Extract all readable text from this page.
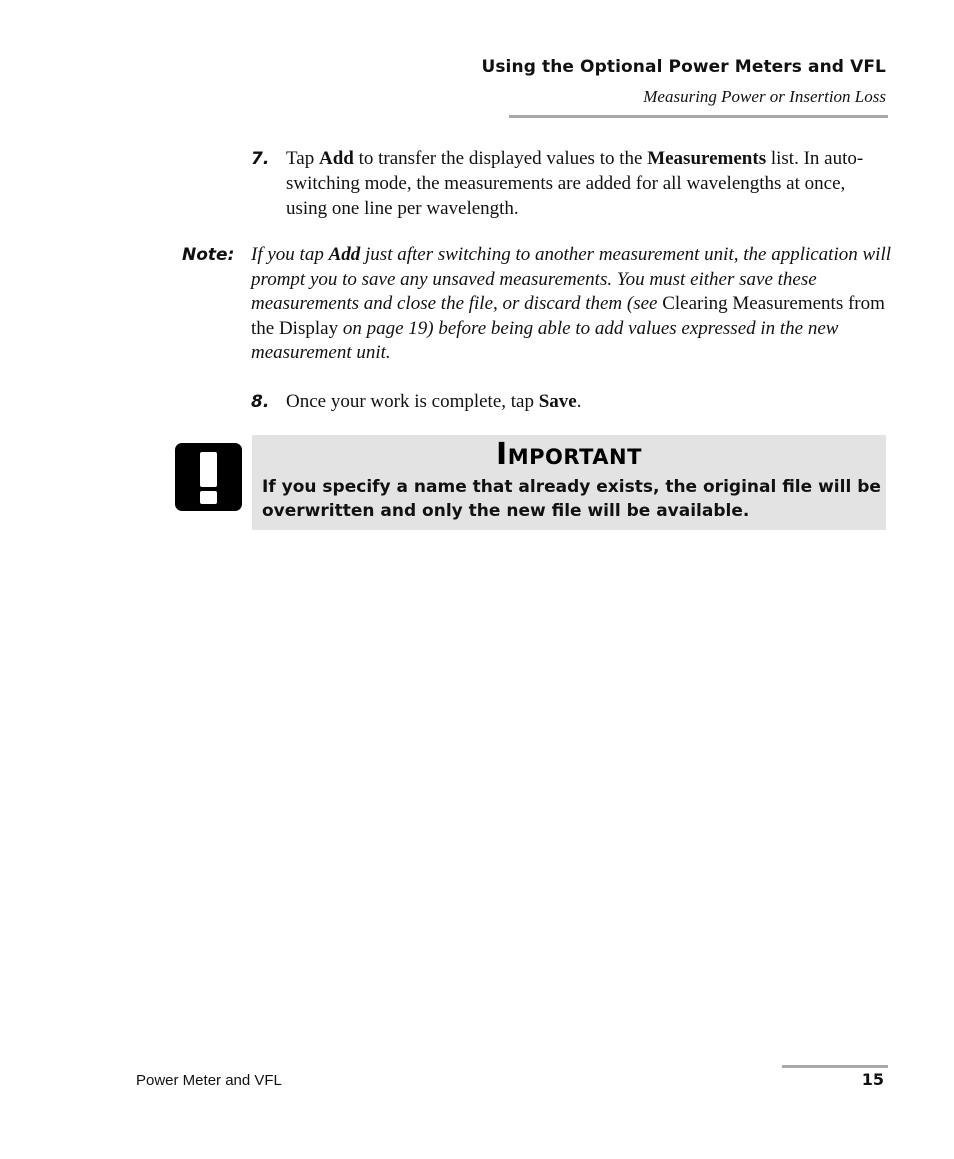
Using the Optional Power Meters and VFL
Measuring Power or Insertion Loss
7. Tap Add to transfer the displayed values to the Measurements list. In auto-switching mode, the measurements are added for all wavelengths at once, using one line per wavelength.
Note: If you tap Add just after switching to another measurement unit, the application will prompt you to save any unsaved measurements. You must either save these measurements and close the file, or discard them (see Clearing Measurements from the Display on page 19) before being able to add values expressed in the new measurement unit.
8. Once your work is complete, tap Save.
Important
If you specify a name that already exists, the original file will be overwritten and only the new file will be available.
Power Meter and VFL	15
